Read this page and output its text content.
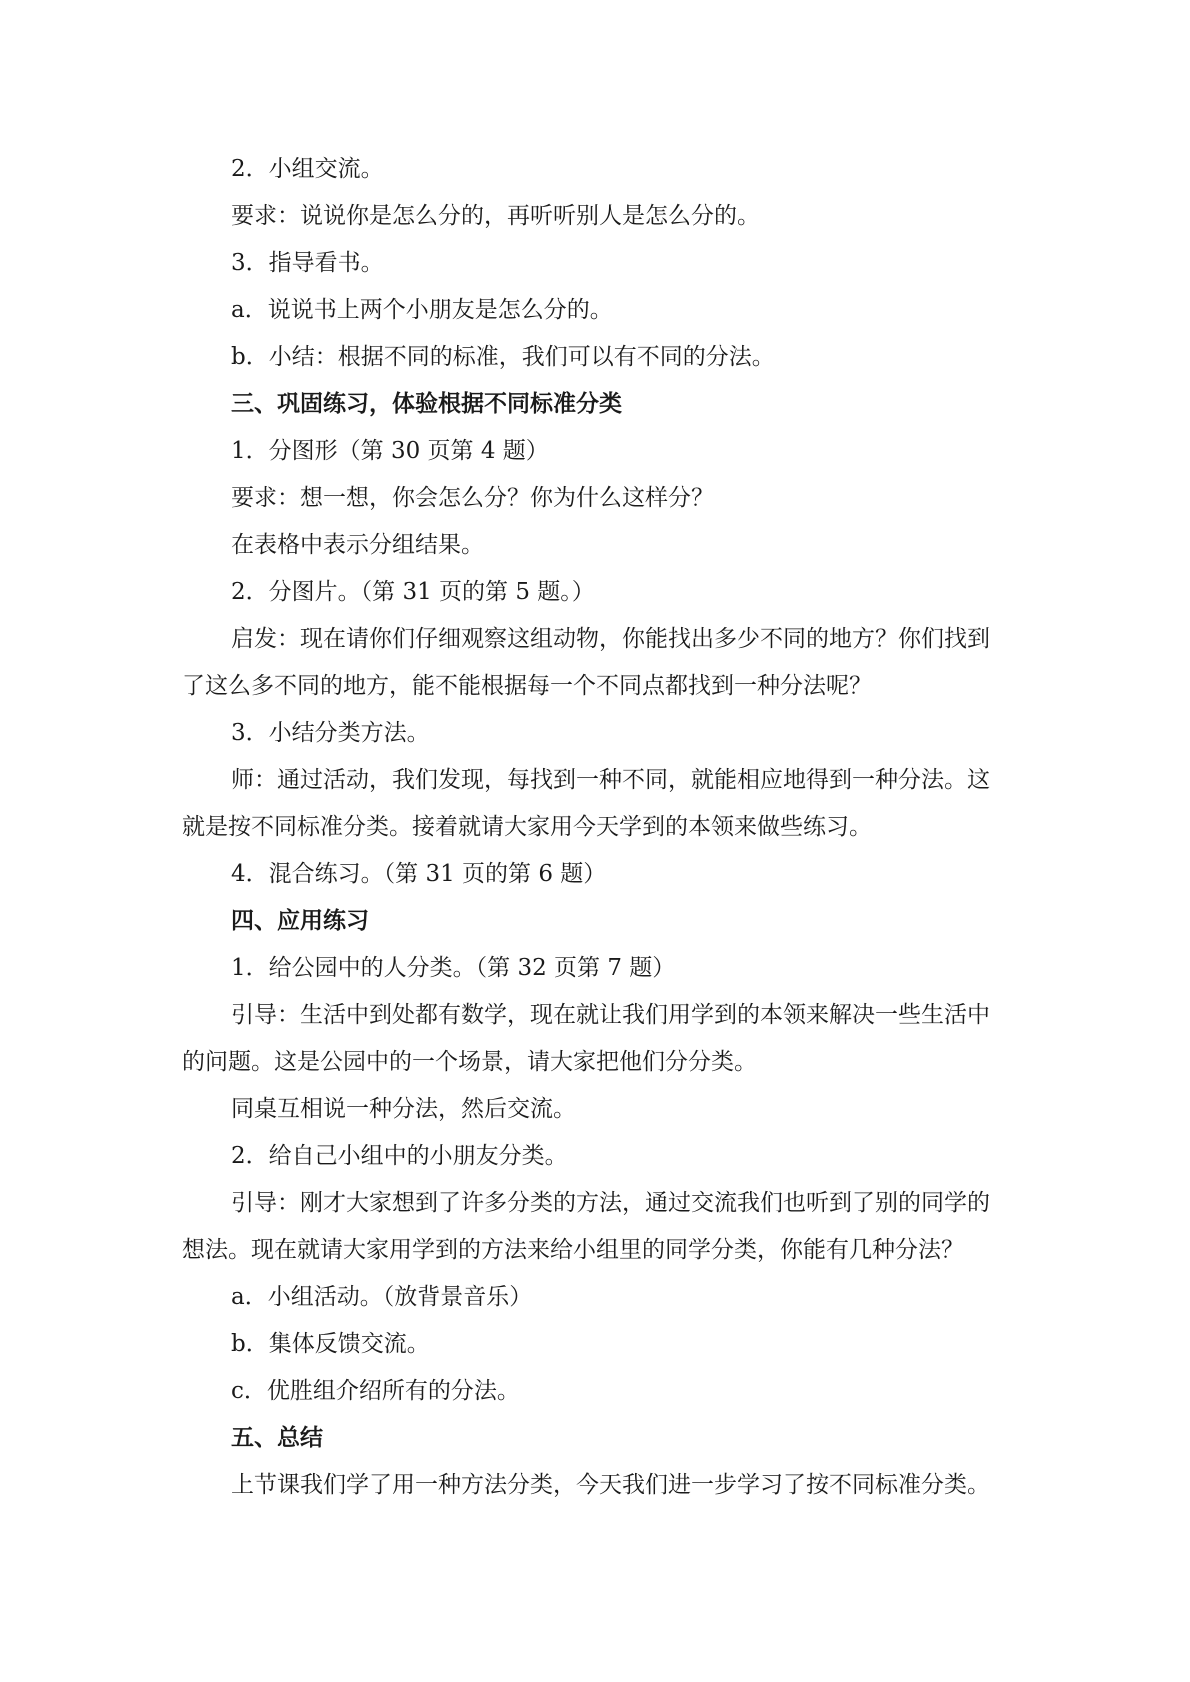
2．小组交流。
要求：说说你是怎么分的，再听听别人是怎么分的。
3．指导看书。
a．说说书上两个小朋友是怎么分的。
b．小结：根据不同的标准，我们可以有不同的分法。
三、巩固练习，体验根据不同标准分类
1．分图形（第 30 页第 4 题）
要求：想一想，你会怎么分？你为什么这样分？
在表格中表示分组结果。
2．分图片。（第 31 页的第 5 题。）
启发：现在请你们仔细观察这组动物，你能找出多少不同的地方？你们找到
了这么多不同的地方，能不能根据每一个不同点都找到一种分法呢？
3．小结分类方法。
师：通过活动，我们发现，每找到一种不同，就能相应地得到一种分法。这
就是按不同标准分类。接着就请大家用今天学到的本领来做些练习。
4．混合练习。（第 31 页的第 6 题）
四、应用练习
1．给公园中的人分类。（第 32 页第 7 题）
引导：生活中到处都有数学，现在就让我们用学到的本领来解决一些生活中
的问题。这是公园中的一个场景，请大家把他们分分类。
同桌互相说一种分法，然后交流。
2．给自己小组中的小朋友分类。
引导：刚才大家想到了许多分类的方法，通过交流我们也听到了别的同学的
想法。现在就请大家用学到的方法来给小组里的同学分类，你能有几种分法？
a．小组活动。（放背景音乐）
b．集体反馈交流。
c．优胜组介绍所有的分法。
五、总结
上节课我们学了用一种方法分类，今天我们进一步学习了按不同标准分类。
